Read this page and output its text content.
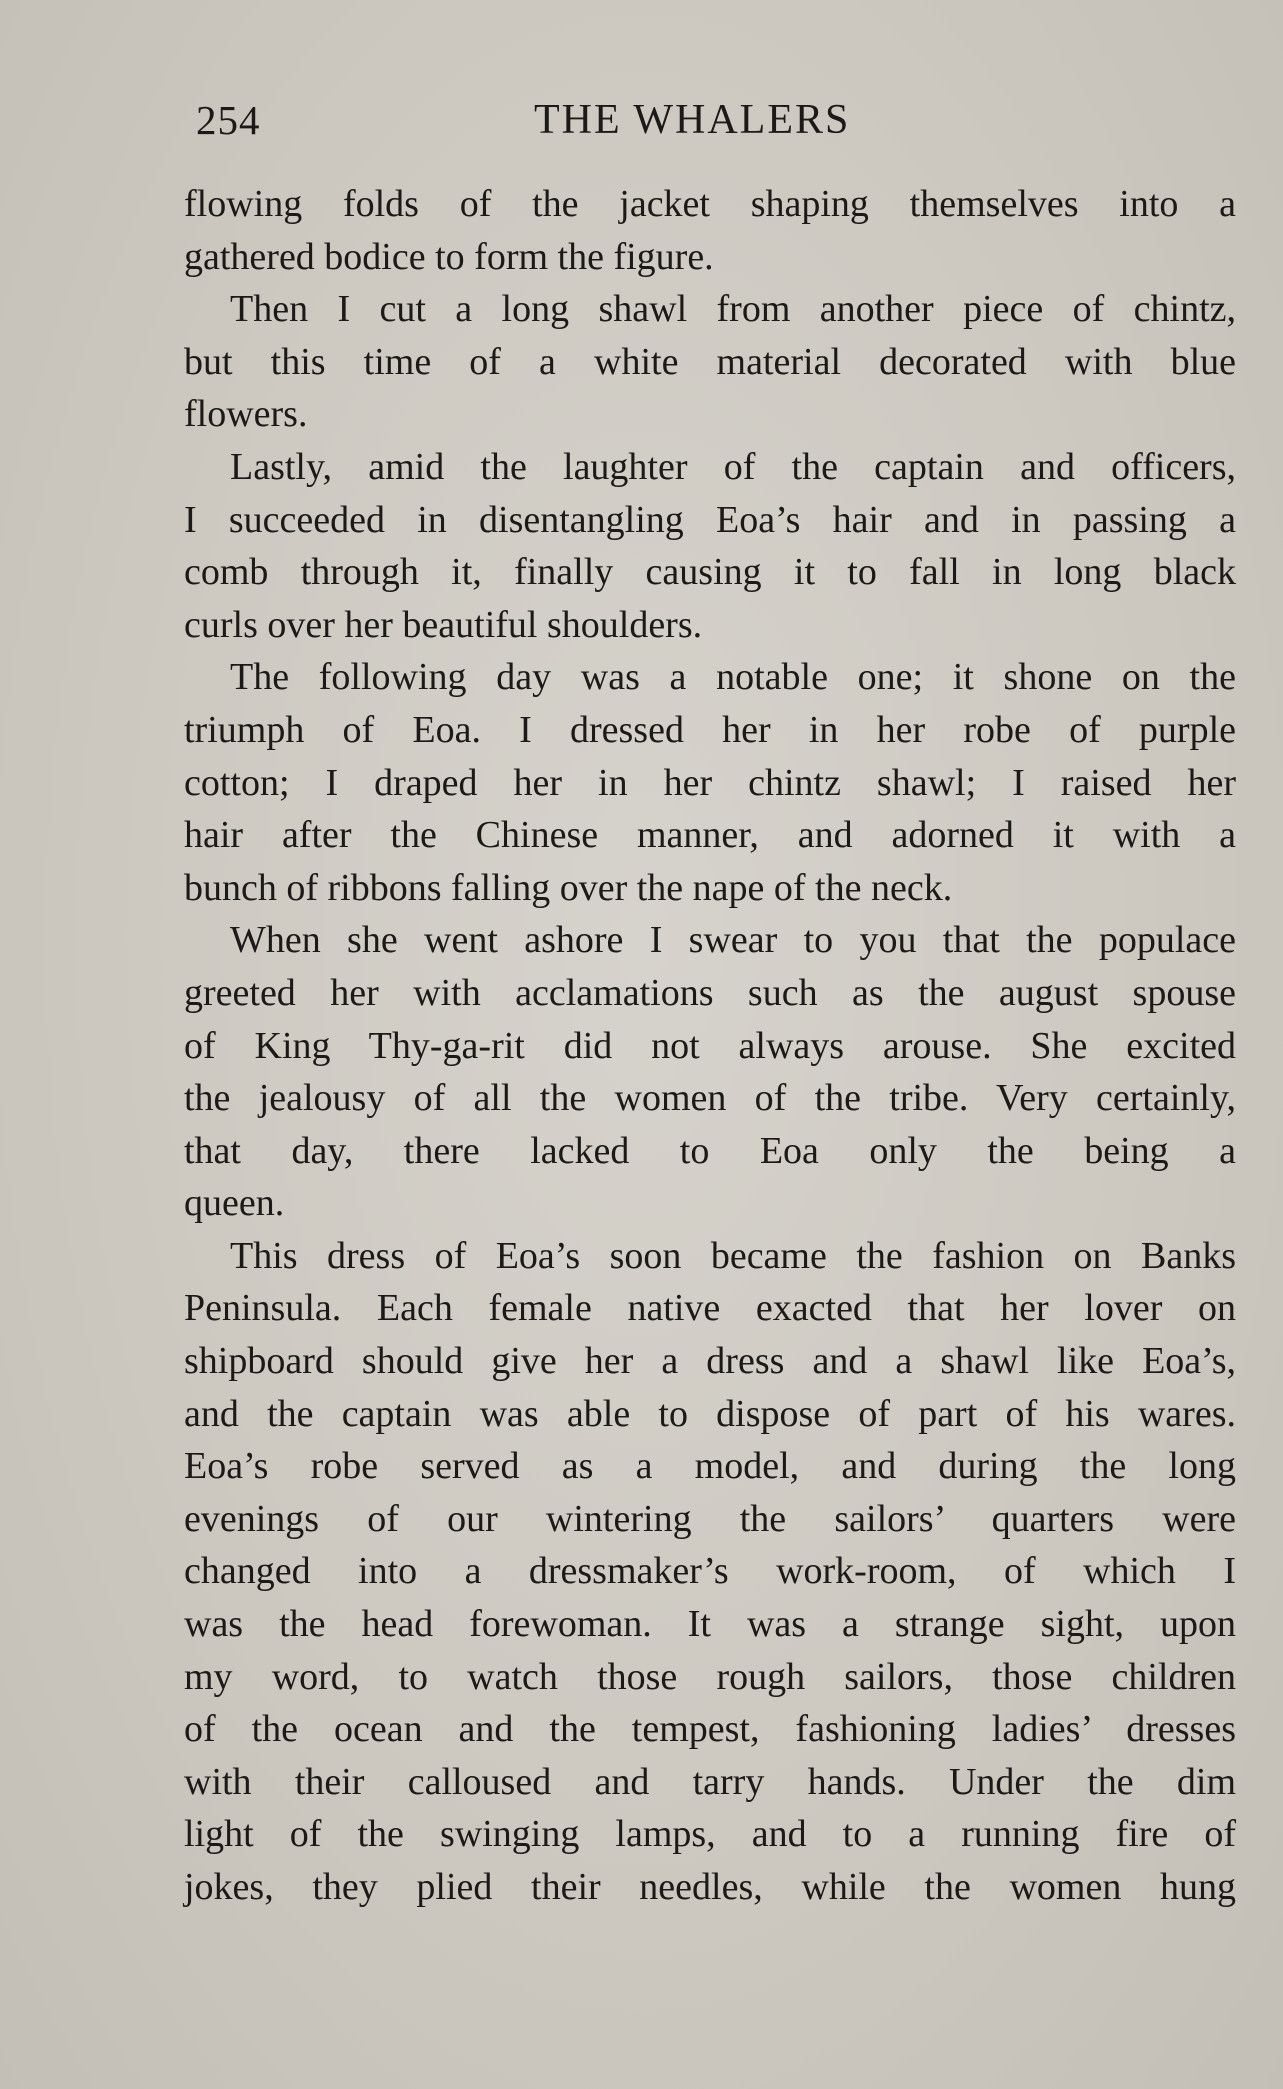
254	THE WHALERS
flowing folds of the jacket shaping themselves into a
gathered bodice to form the figure.
Then I cut a long shawl from another piece of chintz,
but this time of a white material decorated with blue
flowers.
Lastly, amid the laughter of the captain and officers,
I succeeded in disentangling Eoa’s hair and in passing a
comb through it, finally causing it to fall in long black
curls over her beautiful shoulders.
The following day was a notable one; it shone on the
triumph of Eoa. I dressed her in her robe of purple
cotton; I draped her in her chintz shawl; I raised her
hair after the Chinese manner, and adorned it with a
bunch of ribbons falling over the nape of the neck.
When she went ashore I swear to you that the populace
greeted her with acclamations such as the august spouse
of King Thy-ga-rit did not always arouse. She excited
the jealousy of all the women of the tribe. Very certainly,
that day, there lacked to Eoa only the being a
queen.
This dress of Eoa’s soon became the fashion on Banks
Peninsula. Each female native exacted that her lover on
shipboard should give her a dress and a shawl like Eoa’s,
and the captain was able to dispose of part of his wares.
Eoa’s robe served as a model, and during the long
evenings of our wintering the sailors’ quarters were
changed into a dressmaker’s work-room, of which I
was the head forewoman. It was a strange sight, upon
my word, to watch those rough sailors, those children
of the ocean and the tempest, fashioning ladies’ dresses
with their calloused and tarry hands. Under the dim
light of the swinging lamps, and to a running fire of
jokes, they plied their needles, while the women hung
